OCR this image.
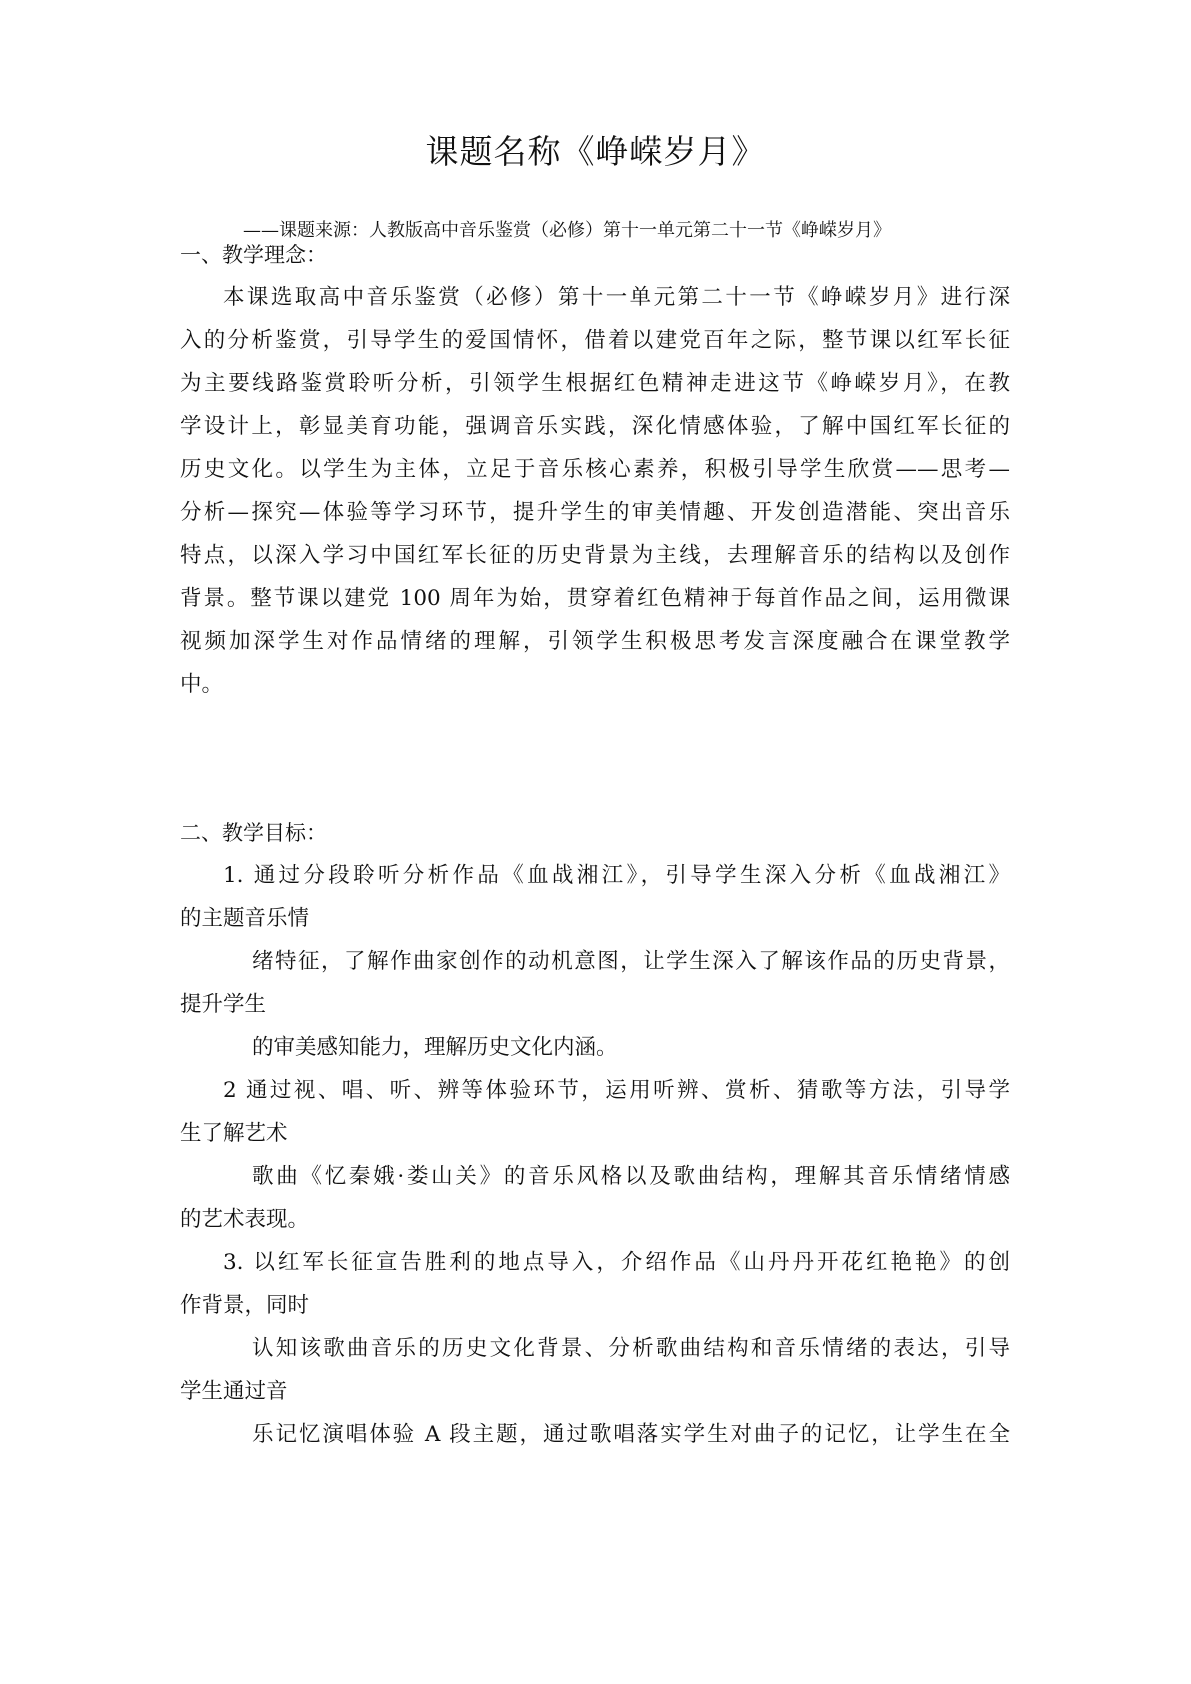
课题名称《峥嵘岁月》
——课题来源：人教版高中音乐鉴赏（必修）第十一单元第二十一节《峥嵘岁月》
一、教学理念：
本课选取高中音乐鉴赏（必修）第十一单元第二十一节《峥嵘岁月》进行深
入的分析鉴赏，引导学生的爱国情怀，借着以建党百年之际，整节课以红军长征
为主要线路鉴赏聆听分析，引领学生根据红色精神走进这节《峥嵘岁月》，在教
学设计上，彰显美育功能，强调音乐实践，深化情感体验，了解中国红军长征的
历史文化。以学生为主体，立足于音乐核心素养，积极引导学生欣赏——思考—
分析—探究—体验等学习环节，提升学生的审美情趣、开发创造潜能、突出音乐
特点，以深入学习中国红军长征的历史背景为主线，去理解音乐的结构以及创作
背景。整节课以建党 100 周年为始，贯穿着红色精神于每首作品之间，运用微课
视频加深学生对作品情绪的理解，引领学生积极思考发言深度融合在课堂教学
中。
二、教学目标：
1. 通过分段聆听分析作品《血战湘江》，引导学生深入分析《血战湘江》
的主题音乐情
绪特征，了解作曲家创作的动机意图，让学生深入了解该作品的历史背景，
提升学生
的审美感知能力，理解历史文化内涵。
2 通过视、唱、听、辨等体验环节，运用听辨、赏析、猜歌等方法，引导学
生了解艺术
歌曲《忆秦娥·娄山关》的音乐风格以及歌曲结构，理解其音乐情绪情感
的艺术表现。
3. 以红军长征宣告胜利的地点导入，介绍作品《山丹丹开花红艳艳》的创
作背景，同时
认知该歌曲音乐的历史文化背景、分析歌曲结构和音乐情绪的表达，引导
学生通过音
乐记忆演唱体验 A 段主题，通过歌唱落实学生对曲子的记忆，让学生在全
